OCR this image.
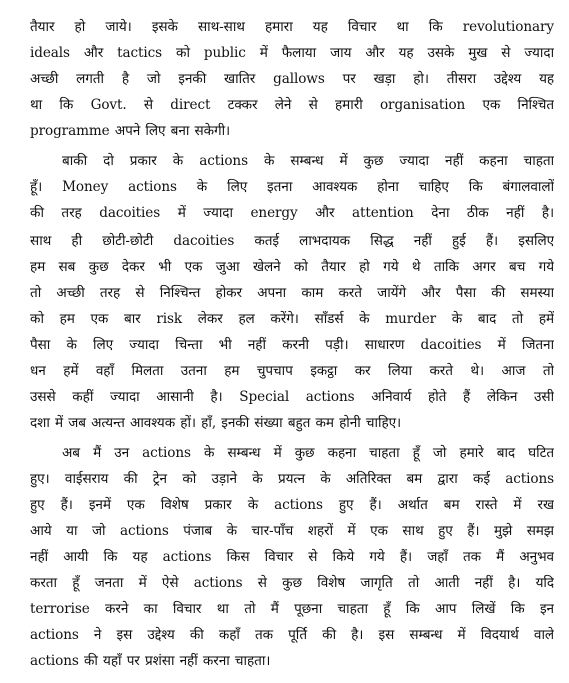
तैयार हो जाये। इसके साथ-साथ हमारा यह विचार था कि revolutionary
ideals और tactics को public में फैलाया जाय और यह उसके मुख से ज्यादा
अच्छी लगती है जो इनकी खातिर gallows पर खड़ा हो। तीसरा उद्देश्य यह
था कि Govt. से direct टक्कर लेने से हमारी organisation एक निश्चित
programme अपने लिए बना सकेगी।
बाकी दो प्रकार के actions के सम्बन्ध में कुछ ज्यादा नहीं कहना चाहता
हूँ। Money actions के लिए इतना आवश्यक होना चाहिए कि बंगालवालों
की तरह dacoities में ज्यादा energy और attention देना ठीक नहीं है।
साथ ही छोटी-छोटी dacoities कतई लाभदायक सिद्ध नहीं हुई हैं। इसलिए
हम सब कुछ देकर भी एक जुआ खेलने को तैयार हो गये थे ताकि अगर बच गये
तो अच्छी तरह से निश्चिन्त होकर अपना काम करते जायेंगे और पैसा की समस्या
को हम एक बार risk लेकर हल करेंगे। साँडर्स के murder के बाद तो हमें
पैसा के लिए ज्यादा चिन्ता भी नहीं करनी पड़ी। साधारण dacoities में जितना
धन हमें वहाँ मिलता उतना हम चुपचाप इकट्ठा कर लिया करते थे। आज तो
उससे कहीं ज्यादा आसानी है। Special actions अनिवार्य होते हैं लेकिन उसी
दशा में जब अत्यन्त आवश्यक हों। हाँ, इनकी संख्या बहुत कम होनी चाहिए।
अब मैं उन actions के सम्बन्ध में कुछ कहना चाहता हूँ जो हमारे बाद घटित
हुए। वाईसराय की ट्रेन को उड़ाने के प्रयत्न के अतिरिक्त बम द्वारा कई actions
हुए हैं। इनमें एक विशेष प्रकार के actions हुए हैं। अर्थात बम रास्ते में रख
आये या जो actions पंजाब के चार-पाँच शहरों में एक साथ हुए हैं। मुझे समझ
नहीं आयी कि यह actions किस विचार से किये गये हैं। जहाँ तक मैं अनुभव
करता हूँ जनता में ऐसे actions से कुछ विशेष जागृति तो आती नहीं है। यदि
terrorise करने का विचार था तो मैं पूछना चाहता हूँ कि आप लिखें कि इन
actions ने इस उद्देश्य की कहाँ तक पूर्ति की है। इस सम्बन्ध में विदयार्थ वाले
actions की यहाँ पर प्रशंसा नहीं करना चाहता।
